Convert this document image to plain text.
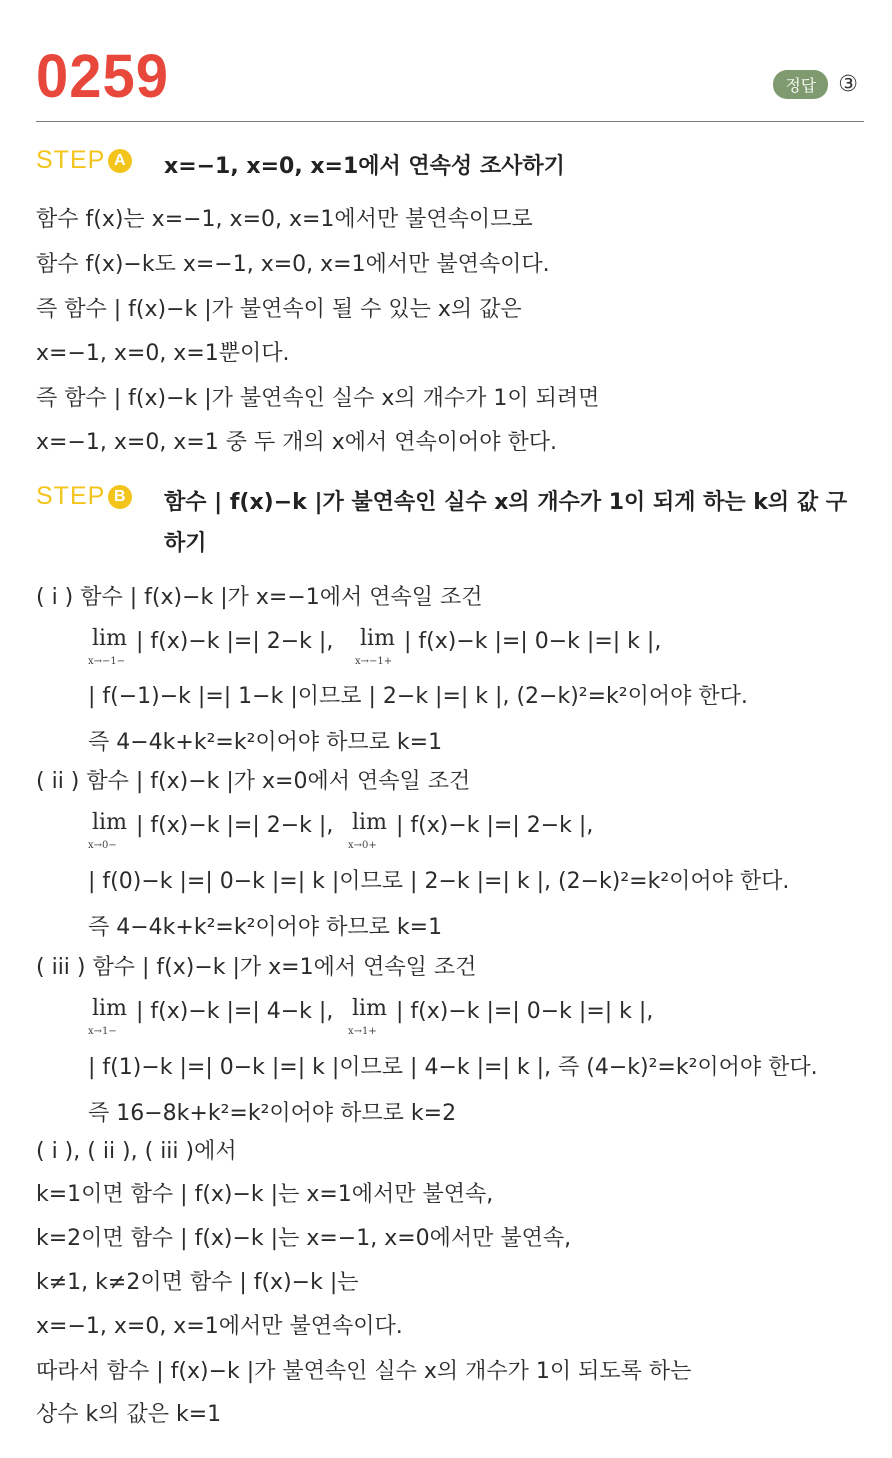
0259	정답	③
STEP A x=−1, x=0, x=1에서 연속성 조사하기
함수 f(x)는 x=−1, x=0, x=1에서만 불연속이므로
함수 f(x)−k도 x=−1, x=0, x=1에서만 불연속이다.
즉 함수 | f(x)−k |가 불연속이 될 수 있는 x의 값은
x=−1, x=0, x=1뿐이다.
즉 함수 | f(x)−k |가 불연속인 실수 x의 개수가 1이 되려면
x=−1, x=0, x=1 중 두 개의 x에서 연속이어야 한다.
STEP B 함수 | f(x)−k |가 불연속인 실수 x의 개수가 1이 되게 하는 k의 값 구하기
( i ) 함수 | f(x)−k |가 x=−1에서 연속일 조건
lim
x→−1−
| f(x)−k |=| 2−k |, lim
x→−1+
| f(x)−k |=| 0−k |=| k |,
| f(−1)−k |=| 1−k |이므로 | 2−k |=| k |, (2−k)²=k²이어야 한다.
즉 4−4k+k²=k²이어야 하므로 k=1
( ii ) 함수 | f(x)−k |가 x=0에서 연속일 조건
lim
x→0−
| f(x)−k |=| 2−k |, lim
x→0+
| f(x)−k |=| 2−k |,
| f(0)−k |=| 0−k |=| k |이므로 | 2−k |=| k |, (2−k)²=k²이어야 한다.
즉 4−4k+k²=k²이어야 하므로 k=1
( iii ) 함수 | f(x)−k |가 x=1에서 연속일 조건
lim
x→1−
| f(x)−k |=| 4−k |, lim
x→1+
| f(x)−k |=| 0−k |=| k |,
| f(1)−k |=| 0−k |=| k |이므로 | 4−k |=| k |, 즉 (4−k)²=k²이어야 한다.
즉 16−8k+k²=k²이어야 하므로 k=2
( i ), ( ii ), ( iii )에서
k=1이면 함수 | f(x)−k |는 x=1에서만 불연속,
k=2이면 함수 | f(x)−k |는 x=−1, x=0에서만 불연속,
k≠1, k≠2이면 함수 | f(x)−k |는
x=−1, x=0, x=1에서만 불연속이다.
따라서 함수 | f(x)−k |가 불연속인 실수 x의 개수가 1이 되도록 하는
상수 k의 값은 k=1
